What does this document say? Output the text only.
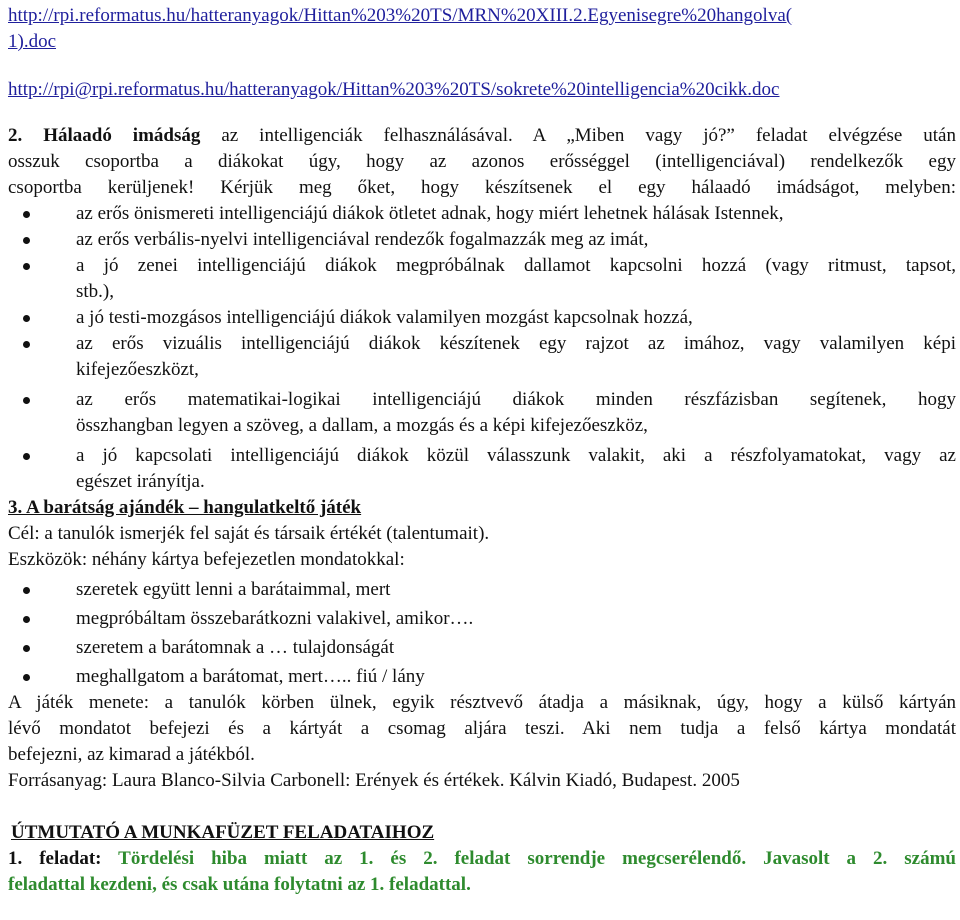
http://rpi.reformatus.hu/hatteranyagok/Hittan%203%20TS/MRN%20XIII.2.Egyenisegre%20hangolva(
1).doc
http://rpi@rpi.reformatus.hu/hatteranyagok/Hittan%203%20TS/sokrete%20intelligencia%20cikk.doc
2. Hálaadó imádság az intelligenciák felhasználásával. A „Miben vagy jó?” feladat elvégzése után
osszuk csoportba a diákokat úgy, hogy az azonos erősséggel (intelligenciával) rendelkezők egy
csoportba kerüljenek! Kérjük meg őket, hogy készítsenek el egy hálaadó imádságot, melyben:
az erős önismereti intelligenciájú diákok ötletet adnak, hogy miért lehetnek hálásak Istennek,
az erős verbális-nyelvi intelligenciával rendezők fogalmazzák meg az imát,
a jó zenei intelligenciájú diákok megpróbálnak dallamot kapcsolni hozzá (vagy ritmust, tapsot,
stb.),
a jó testi-mozgásos intelligenciájú diákok valamilyen mozgást kapcsolnak hozzá,
az erős vizuális intelligenciájú diákok készítenek egy rajzot az imához, vagy valamilyen képi
kifejezőeszközt,
az erős matematikai-logikai intelligenciájú diákok minden részfázisban segítenek, hogy
összhangban legyen a szöveg, a dallam, a mozgás és a képi kifejezőeszköz,
a jó kapcsolati intelligenciájú diákok közül válasszunk valakit, aki a részfolyamatokat, vagy az
egészet irányítja.
3. A barátság ajándék – hangulatkeltő játék
Cél: a tanulók ismerjék fel saját és társaik értékét (talentumait).
Eszközök: néhány kártya befejezetlen mondatokkal:
szeretek együtt lenni a barátaimmal, mert
megpróbáltam összebarátkozni valakivel, amikor….
szeretem a barátomnak a … tulajdonságát
meghallgatom a barátomat, mert….. fiú / lány
A játék menete: a tanulók körben ülnek, egyik résztvevő átadja a másiknak, úgy, hogy a külső kártyán
lévő mondatot befejezi és a kártyát a csomag aljára teszi. Aki nem tudja a felső kártya mondatát
befejezni, az kimarad a játékból.
Forrásanyag: Laura Blanco-Silvia Carbonell: Erények és értékek. Kálvin Kiadó, Budapest. 2005
ÚTMUTATÓ A MUNKAFÜZET FELADATAIHOZ
1. feladat: Tördelési hiba miatt az 1. és 2. feladat sorrendje megcserélendő. Javasolt a 2. számú
feladattal kezdeni, és csak utána folytatni az 1. feladattal.
